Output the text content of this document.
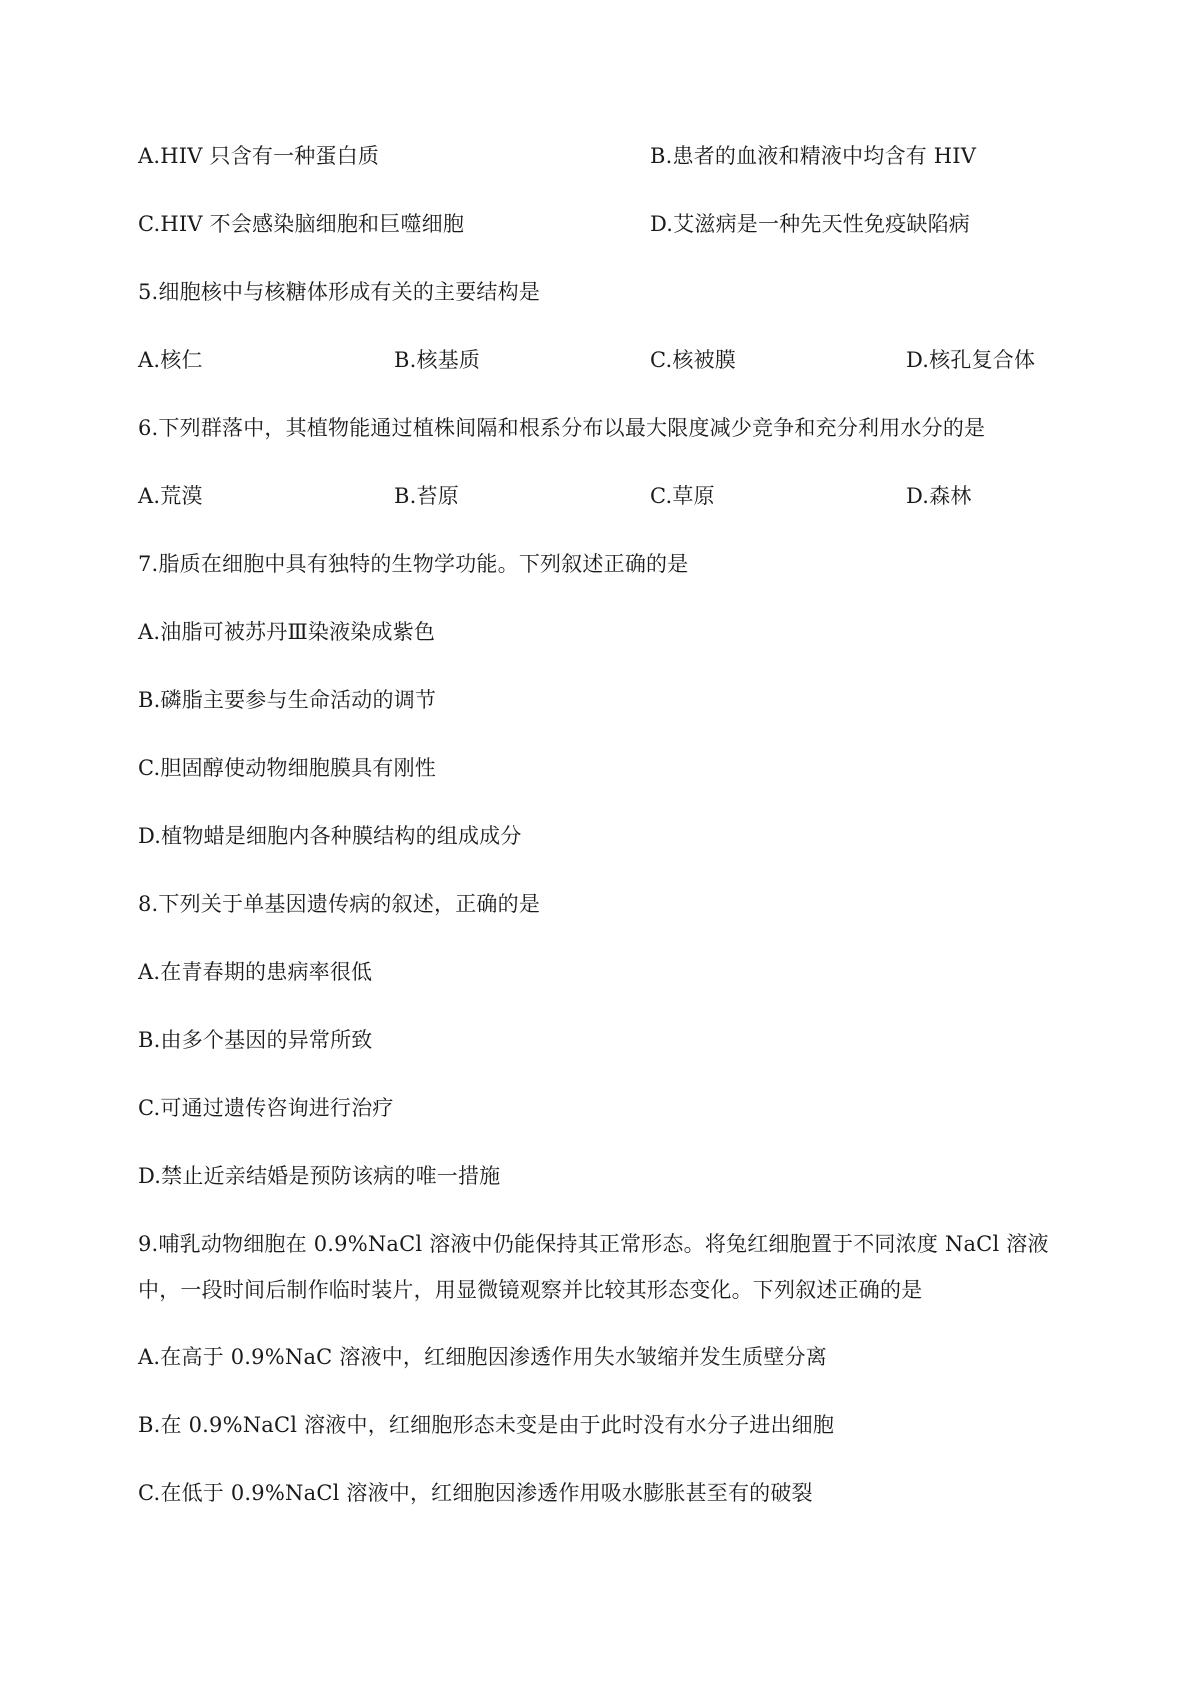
A.HIV 只含有一种蛋白质	B.患者的血液和精液中均含有 HIV
C.HIV 不会感染脑细胞和巨噬细胞	D.艾滋病是一种先天性免疫缺陷病
5.细胞核中与核糖体形成有关的主要结构是
A.核仁	B.核基质	C.核被膜	D.核孔复合体
6.下列群落中，其植物能通过植株间隔和根系分布以最大限度减少竞争和充分利用水分的是
A.荒漠	B.苔原	C.草原	D.森林
7.脂质在细胞中具有独特的生物学功能。下列叙述正确的是
A.油脂可被苏丹Ⅲ染液染成紫色
B.磷脂主要参与生命活动的调节
C.胆固醇使动物细胞膜具有刚性
D.植物蜡是细胞内各种膜结构的组成成分
8.下列关于单基因遗传病的叙述，正确的是
A.在青春期的患病率很低
B.由多个基因的异常所致
C.可通过遗传咨询进行治疗
D.禁止近亲结婚是预防该病的唯一措施
9.哺乳动物细胞在 0.9%NaCl 溶液中仍能保持其正常形态。将兔红细胞置于不同浓度 NaCl 溶液
中，一段时间后制作临时装片，用显微镜观察并比较其形态变化。下列叙述正确的是
A.在高于 0.9%NaC 溶液中，红细胞因渗透作用失水皱缩并发生质壁分离
B.在 0.9%NaCl 溶液中，红细胞形态未变是由于此时没有水分子进出细胞
C.在低于 0.9%NaCl 溶液中，红细胞因渗透作用吸水膨胀甚至有的破裂
